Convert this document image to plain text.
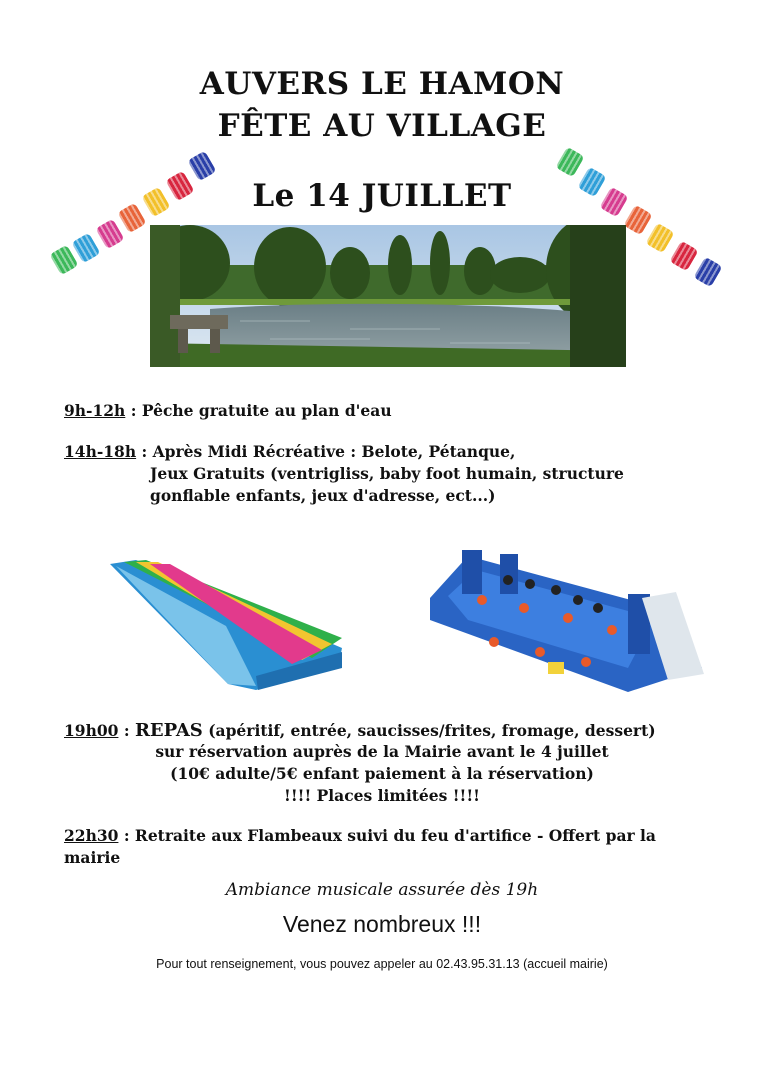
AUVERS LE HAMON
FÊTE AU VILLAGE
Le 14 JUILLET
9h-12h : Pêche gratuite au plan d'eau
14h-18h : Après Midi Récréative : Belote, Pétanque,
Jeux Gratuits (ventrigliss, baby foot humain, structure
gonflable enfants, jeux d'adresse, ect...)
19h00 : REPAS (apéritif, entrée, saucisses/frites, fromage, dessert)
sur réservation auprès de la Mairie avant le 4 juillet
(10€ adulte/5€ enfant paiement à la réservation)
!!!! Places limitées !!!!
22h30 : Retraite aux Flambeaux suivi du feu d'artifice - Offert par la
mairie
Ambiance musicale assurée dès 19h
Venez nombreux !!!
Pour tout renseignement, vous pouvez appeler au 02.43.95.31.13 (accueil mairie)
